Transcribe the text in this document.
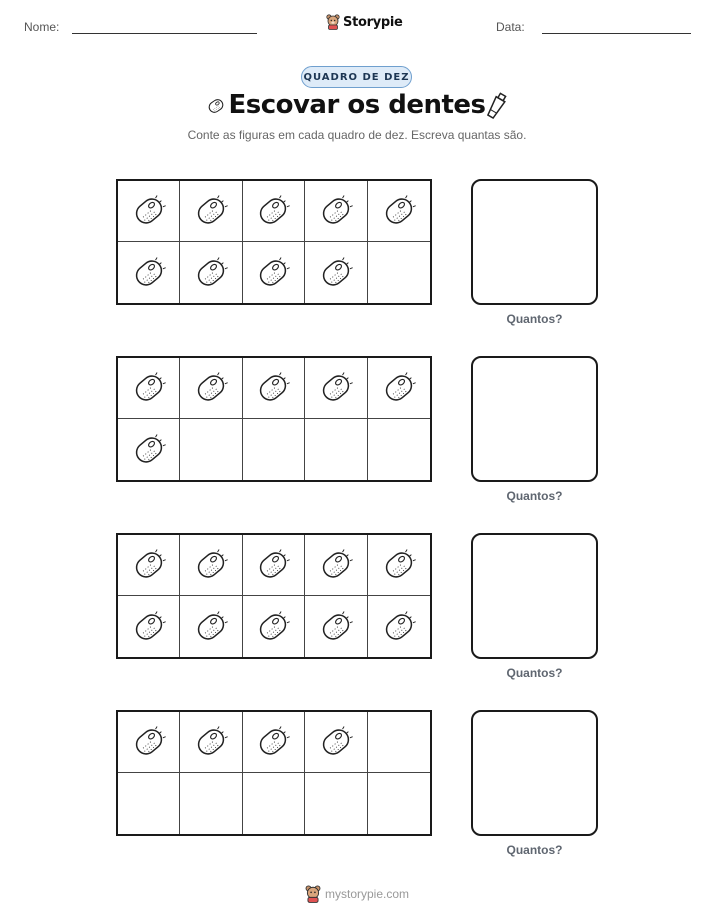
Nome:	Storypie	Data:
QUADRO DE DEZ
Escovar os dentes
Conte as figuras em cada quadro de dez. Escreva quantas são.
Quantos?
Quantos?
Quantos?
Quantos?
mystorypie.com
